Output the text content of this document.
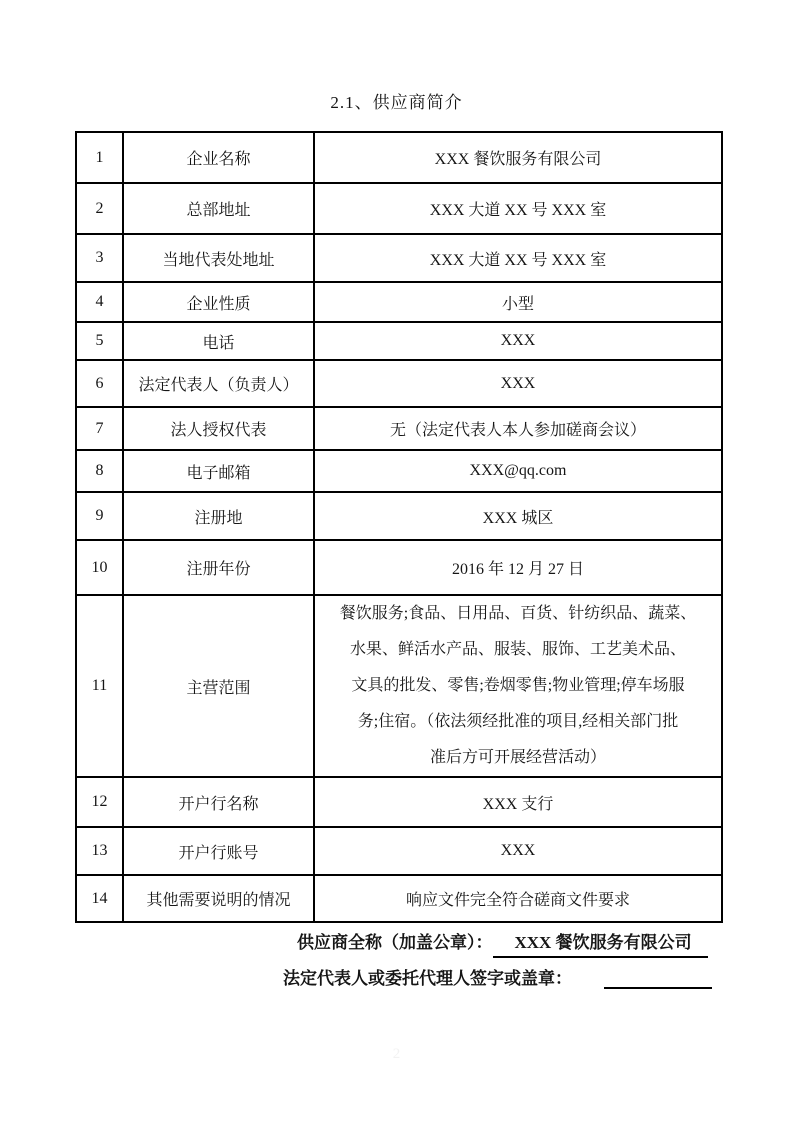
2.1、供应商简介
1	企业名称	XXX 餐饮服务有限公司
2	总部地址	XXX 大道 XX 号 XXX 室
3	当地代表处地址	XXX 大道 XX 号 XXX 室
4	企业性质	小型
5	电话	XXX
6	法定代表人（负责人）	XXX
7	法人授权代表	无（法定代表人本人参加磋商会议）
8	电子邮箱	XXX@qq.com
9	注册地	XXX 城区
10	注册年份	2016 年 12 月 27 日
11	主营范围	餐饮服务;食品、日用品、百货、针纺织品、蔬菜、
水果、鲜活水产品、服装、服饰、工艺美术品、
文具的批发、零售;卷烟零售;物业管理;停车场服
务;住宿。（依法须经批准的项目,经相关部门批
准后方可开展经营活动）

12	开户行名称	XXX 支行
13	开户行账号	XXX
14	其他需要说明的情况	响应文件完全符合磋商文件要求
供应商全称（加盖公章）： XXX 餐饮服务有限公司
法定代表人或委托代理人签字或盖章：
2
